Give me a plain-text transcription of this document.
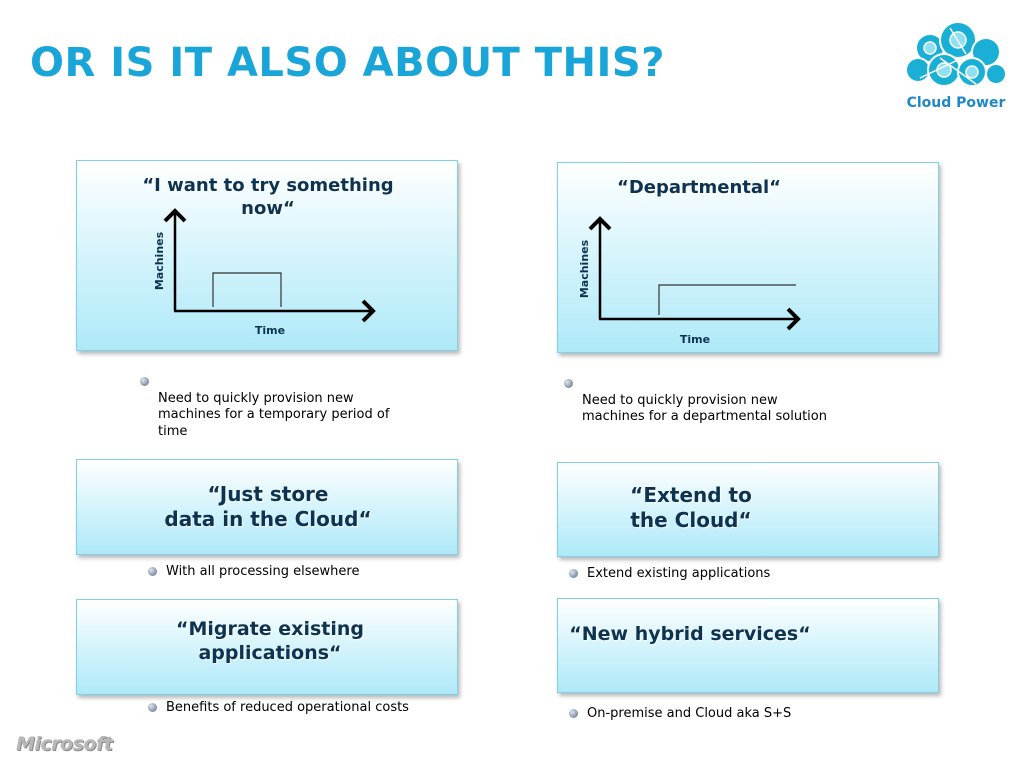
OR IS IT ALSO ABOUT THIS?
Cloud Power
“I want to try something
now“
Machines
Time

Need to quickly provision new
machines for a temporary period of
time

“Departmental“
Machines
Time

Need to quickly provision new
machines for a departmental solution

“Just store
data in the Cloud“
With all processing elsewhere
“Extend to
the Cloud“
Extend existing applications
“Migrate existing
applications“
Benefits of reduced operational costs
“New hybrid services“
On-premise and Cloud aka S+S
Microsoft
